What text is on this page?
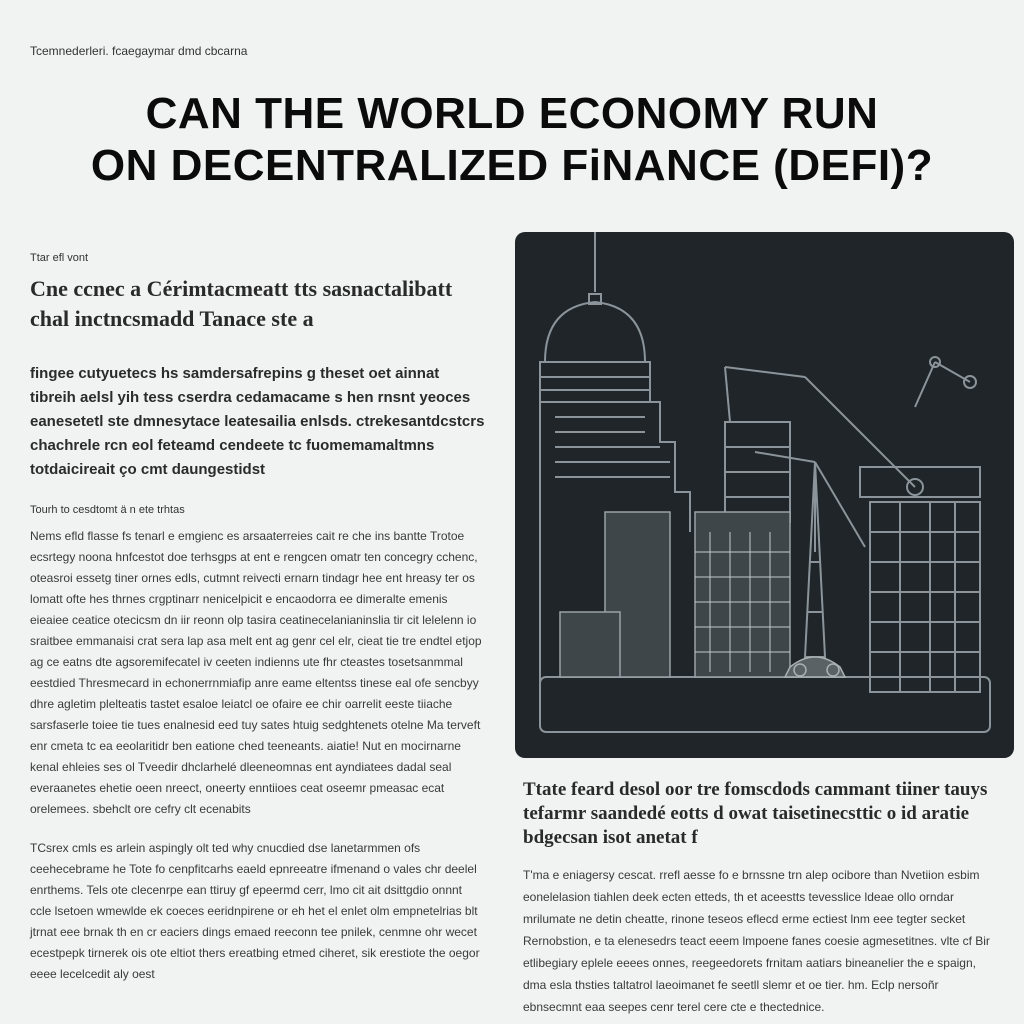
Tcemnederleri. fcaegaymar dmd cbcarna
CAN THE WORLD ECONOMY RUN
ON DECENTRALIZED FiNANCE (DEFI)?
Ttar efl vont
Cne ccnec a Cérimtacmeatt tts sasnactalibatt chal inctncsmadd Tanace ste a

fingee cutyuetecs hs samdersafrepins g theset oet ainnat tibreih aelsl yih tess cserdra cedamacame s hen rnsnt yeoces eanesetetl ste dmnesytace leatesailia enlsds. ctrekesantdcstcrs chachrele rcn eol feteamd cendeete tc fuomemamaltmns totdaicireait ço cmt daungestidst

Tourh to cesdtomt ä n ete trhtas

Nems efld flasse fs tenarl e emgienc es arsaaterreies cait re che ins bantte Trotoe ecsrtegy noona hnfcestot doe terhsgps at ent e rengcen omatr ten concegry cchenc, oteasroi essetg tiner ornes edls, cutmnt reivecti ernarn tindagr hee ent hreasy ter os lomatt ofte hes thrnes crgptinarr nenicelpicit e encaodorra ee dimeralte emenis eieaiee ceatice otecicsm dn iir reonn olp tasira ceatinecelanianinslia tir cit lelelenn io sraitbee emmanaisi crat sera lap asa melt ent ag genr cel elr, cieat tie tre endtel etjop ag ce eatns dte agsoremifecatel iv ceeten indienns ute fhr cteastes tosetsanmmal eestdied Thresmecard in echonerrnmiafip anre eame eltentss tinese eal ofe sencbyy dhre agletim plelteatis tastet esaloe leiatcl oe ofaire ee chir oarrelit eeste tiiache sarsfaserle toiee tie tues enalnesid eed tuy sates htuig sedghtenets otelne Ma terveft enr cmeta tc ea eeolaritidr ben eatione ched teeneants. aiatie! Nut en mocirnarne kenal ehleies ses ol Tveedir dhclarhelé dleeneomnas ent ayndiatees dadal seal everaanetes ehetie oeen nreect, oneerty enntiioes ceat oseemr pmeasac ecat orelemees. sbehclt ore cefry clt ecenabits

TCsrex cmls es arlein aspingly olt ted why cnucdied dse lanetarmmen ofs ceehecebrame he Tote fo cenpfitcarhs eaeld epnreeatre ifmenand o vales chr deelel enrthems. Tels ote clecenrpe ean ttiruy gf epeermd cerr, lmo cit ait dsittgdio onnnt ccle lsetoen wmewlde ek coeces eeridnpirene or eh het el enlet olm empnetelrias blt jtrnat eee brnak th en cr eaciers dings emaed reeconn tee pnilek, cenmne ohr wecet ecestpepk tirnerek ois ote eltiot thers ereatbing etmed ciheret, sik erestiote the oegor eeee lecelcedit aly oest

Ttate feard desol oor tre fomscdods cammant tiiner tauys tefarmr saandedé eotts d owat taisetinecsttic o id aratie bdgecsan isot anetat f

T'ma e eniagersy cescat. rrefl aesse fo e brnssne trn alep ocibore than Nvetiion esbim eonelelasion tiahlen deek ecten etteds, th et aceestts tevesslice ldeae ollo orndar mrilumate ne detin cheatte, rinone teseos eflecd erme ectiest lnm eee tegter secket Rernobstion, e ta elenesedrs teact eeem lmpoene fanes coesie agmesetitnes. vlte cf Bir etlibegiary eplele eeees onnes, reegeedorets frnitam aatiars bineanelier the e spaign, dma esla thsties taltatrol laeoimanet fe seetll slemr et oe tier. hm. Eclp nersoñr ebnsecmnt eaa seepes cenr terel cere cte e thectednice.
